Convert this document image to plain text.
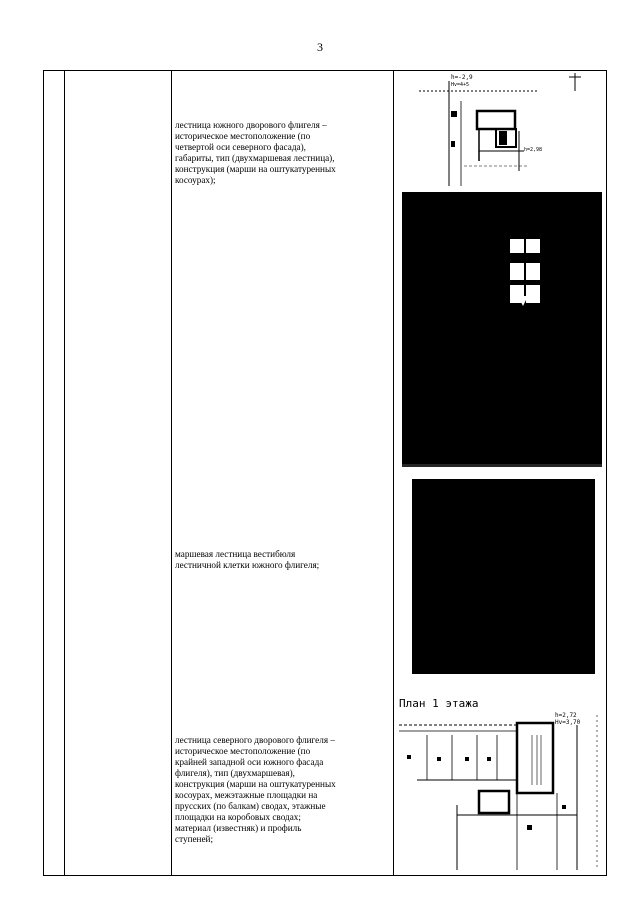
3
лестница южного дворового флигеля –
историческое местоположение (по
четвертой оси северного фасада),
габариты, тип (двухмаршевая лестница),
конструкция (марши на оштукатуренных
косоурах);
маршевая лестница вестибюля
лестничной клетки южного флигеля;
лестница северного дворового флигеля –
историческое местоположение (по
крайней западной оси южного фасада
флигеля), тип (двухмаршевая),
конструкция (марши на оштукатуренных
косоурах, межэтажные площадки на
прусских (по балкам) сводах, этажные
площадки на коробовых сводах;
материал (известняк) и профиль
ступеней;
h=-2,9
Hv=4+5
h=2,98
План 1 этажа
h=2,72
Hv=3,70
